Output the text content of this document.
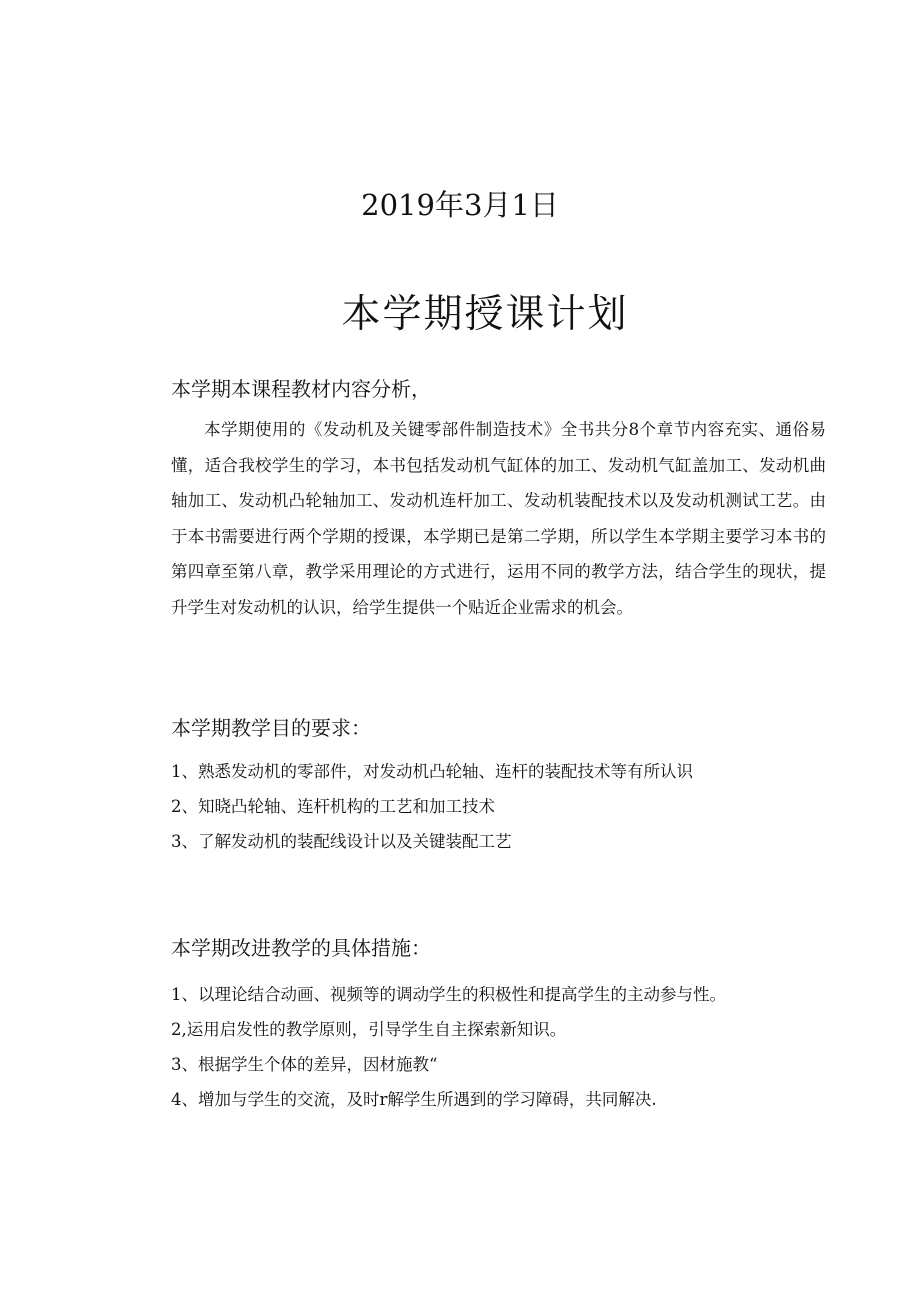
2019年3月1日
本学期授课计划
本学期本课程教材内容分析，

本学期使用的《发动机及关键零部件制造技术》全书共分8个章节内容充实、通俗易懂，适合我校学生的学习，本书包括发动机气缸体的加工、发动机气缸盖加工、发动机曲轴加工、发动机凸轮轴加工、发动机连杆加工、发动机装配技术以及发动机测试工艺。由于本书需要进行两个学期的授课，本学期已是第二学期，所以学生本学期主要学习本书的第四章至第八章，教学采用理论的方式进行，运用不同的教学方法，结合学生的现状，提升学生对发动机的认识，给学生提供一个贴近企业需求的机会。

本学期教学目的要求：
1、熟悉发动机的零部件，对发动机凸轮轴、连杆的装配技术等有所认识
2、知晓凸轮轴、连杆机构的工艺和加工技术
3、了解发动机的装配线设计以及关键装配工艺
本学期改进教学的具体措施：
1、以理论结合动画、视频等的调动学生的积极性和提高学生的主动参与性。
2,运用启发性的教学原则，引导学生自主探索新知识。
3、根据学生个体的差异，因材施教“
4、增加与学生的交流，及时r解学生所遇到的学习障碍，共同解决.
